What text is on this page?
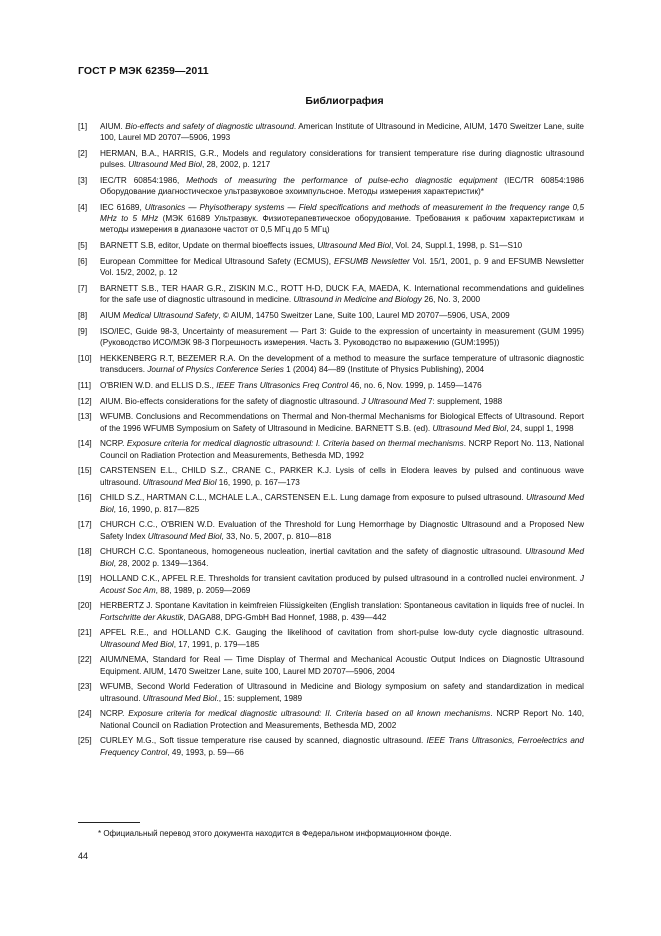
ГОСТ Р МЭК 62359—2011
Библиография
[1]	AIUM. Bio-effects and safety of diagnostic ultrasound. American Institute of Ultrasound in Medicine, AIUM, 1470 Sweitzer Lane, suite 100, Laurel MD 20707—5906, 1993
[2]	HERMAN, B.A., HARRIS, G.R., Models and regulatory considerations for transient temperature rise during diagnostic ultrasound pulses. Ultrasound Med Biol, 28, 2002, p. 1217
[3]	IEC/TR 60854:1986, Methods of measuring the performance of pulse-echo diagnostic equipment (IEC/TR 60854:1986 Оборудование диагностическое ультразвуковое эхоимпульсное. Методы измерения характеристик)*
[4]	IEC 61689, Ultrasonics — Phyisotherapy systems — Field specifications and methods of measurement in the frequency range 0,5 MHz to 5 MHz (МЭК 61689 Ультразвук. Физиотерапевтическое оборудование. Требования к рабочим характеристикам и методы измерения в диапазоне частот от 0,5 МГц до 5 МГц)
[5]	BARNETT S.B, editor, Update on thermal bioeffects issues, Ultrasound Med Biol, Vol. 24, Suppl.1, 1998, p. S1—S10
[6]	European Committee for Medical Ultrasound Safety (ECMUS), EFSUMB Newsletter Vol. 15/1, 2001, p. 9 and EFSUMB Newsletter Vol. 15/2, 2002, p. 12
[7]	BARNETT S.B., TER HAAR G.R., ZISKIN M.C., ROTT H-D, DUCK F.A, MAEDA, K. International recommendations and guidelines for the safe use of diagnostic ultrasound in medicine. Ultrasound in Medicine and Biology 26, No. 3, 2000
[8]	AIUM Medical Ultrasound Safety, © AIUM, 14750 Sweitzer Lane, Suite 100, Laurel MD 20707—5906, USA, 2009
[9]	ISO/IEC, Guide 98-3, Uncertainty of measurement — Part 3: Guide to the expression of uncertainty in measurement (GUM 1995) (Руководство ИСО/МЭК 98-3 Погрешность измерения. Часть 3. Руководство по выражению (GUM:1995))
[10]	HEKKENBERG R.T, BEZEMER R.A. On the development of a method to measure the surface temperature of ultrasonic diagnostic transducers. Journal of Physics Conference Series 1 (2004) 84—89 (Institute of Physics Publishing), 2004
[11]	O'BRIEN W.D. and ELLIS D.S., IEEE Trans Ultrasonics Freq Control 46, no. 6, Nov. 1999, p. 1459—1476
[12]	AIUM. Bio-effects considerations for the safety of diagnostic ultrasound. J Ultrasound Med 7: supplement, 1988
[13]	WFUMB. Conclusions and Recommendations on Thermal and Non-thermal Mechanisms for Biological Effects of Ultrasound. Report of the 1996 WFUMB Symposium on Safety of Ultrasound in Medicine. BARNETT S.B. (ed). Ultrasound Med Biol, 24, suppl 1, 1998
[14]	NCRP. Exposure criteria for medical diagnostic ultrasound: I. Criteria based on thermal mechanisms. NCRP Report No. 113, National Council on Radiation Protection and Measurements, Bethesda MD, 1992
[15]	CARSTENSEN E.L., CHILD S.Z., CRANE C., PARKER K.J. Lysis of cells in Elodera leaves by pulsed and continuous wave ultrasound. Ultrasound Med Biol 16, 1990, p. 167—173
[16]	CHILD S.Z., HARTMAN C.L., MCHALE L.A., CARSTENSEN E.L. Lung damage from exposure to pulsed ultrasound. Ultrasound Med Biol, 16, 1990, p. 817—825
[17]	CHURCH C.C., O'BRIEN W.D. Evaluation of the Threshold for Lung Hemorrhage by Diagnostic Ultrasound and a Proposed New Safety Index Ultrasound Med Biol, 33, No. 5, 2007, p. 810—818
[18]	CHURCH C.C. Spontaneous, homogeneous nucleation, inertial cavitation and the safety of diagnostic ultrasound. Ultrasound Med Biol, 28, 2002 p. 1349—1364.
[19]	HOLLAND C.K., APFEL R.E. Thresholds for transient cavitation produced by pulsed ultrasound in a controlled nuclei environment. J Acoust Soc Am, 88, 1989, p. 2059—2069
[20]	HERBERTZ J. Spontane Kavitation in keimfreien Flüssigkeiten (English translation: Spontaneous cavitation in liquids free of nuclei. In Fortschritte der Akustik, DAGA88, DPG-GmbH Bad Honnef, 1988, p. 439—442
[21]	APFEL R.E., and HOLLAND C.K. Gauging the likelihood of cavitation from short-pulse low-duty cycle diagnostic ultrasound. Ultrasound Med Biol, 17, 1991, p. 179—185
[22]	AIUM/NEMA, Standard for Real — Time Display of Thermal and Mechanical Acoustic Output Indices on Diagnostic Ultrasound Equipment. AIUM, 1470 Sweitzer Lane, suite 100, Laurel MD 20707—5906, 2004
[23]	WFUMB, Second World Federation of Ultrasound in Medicine and Biology symposium on safety and standardization in medical ultrasound. Ultrasound Med Biol., 15: supplement, 1989
[24]	NCRP. Exposure criteria for medical diagnostic ultrasound: II. Criteria based on all known mechanisms. NCRP Report No. 140, National Council on Radiation Protection and Measurements, Bethesda MD, 2002
[25]	CURLEY M.G., Soft tissue temperature rise caused by scanned, diagnostic ultrasound. IEEE Trans Ultrasonics, Ferroelectrics and Frequency Control, 49, 1993, p. 59—66
* Официальный перевод этого документа находится в Федеральном информационном фонде.
44
